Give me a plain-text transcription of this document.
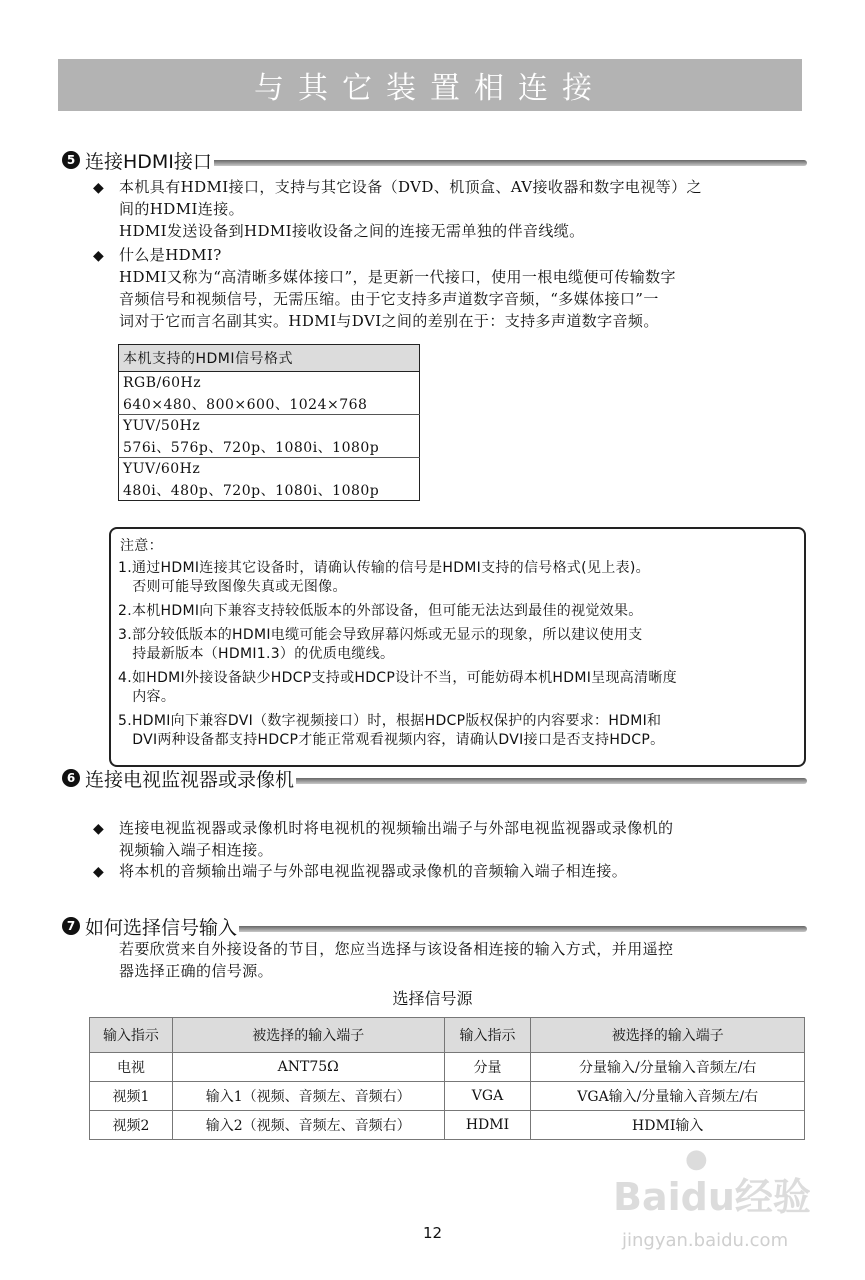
与其它装置相连接
5 连接HDMI接口
◆ 本机具有HDMI接口，支持与其它设备（DVD、机顶盒、AV接收器和数字电视等）之
间的HDMI连接。
HDMI发送设备到HDMI接收设备之间的连接无需单独的伴音线缆。
◆ 什么是HDMI?
HDMI又称为“高清晰多媒体接口”，是更新一代接口，使用一根电缆便可传输数字
音频信号和视频信号，无需压缩。由于它支持多声道数字音频，“多媒体接口”一
词对于它而言名副其实。HDMI与DVI之间的差别在于：支持多声道数字音频。
本机支持的HDMI信号格式
RGB/60Hz
640×480、800×600、1024×768
YUV/50Hz
576i、576p、720p、1080i、1080p
YUV/60Hz
480i、480p、720p、1080i、1080p
注意：
1.通过HDMI连接其它设备时，请确认传输的信号是HDMI支持的信号格式(见上表)。
否则可能导致图像失真或无图像。
2.本机HDMI向下兼容支持较低版本的外部设备，但可能无法达到最佳的视觉效果。
3.部分较低版本的HDMI电缆可能会导致屏幕闪烁或无显示的现象，所以建议使用支
持最新版本（HDMI1.3）的优质电缆线。
4.如HDMI外接设备缺少HDCP支持或HDCP设计不当，可能妨碍本机HDMI呈现高清晰度
内容。
5.HDMI向下兼容DVI（数字视频接口）时，根据HDCP版权保护的内容要求：HDMI和
DVI两种设备都支持HDCP才能正常观看视频内容，请确认DVI接口是否支持HDCP。
6 连接电视监视器或录像机
◆ 连接电视监视器或录像机时将电视机的视频输出端子与外部电视监视器或录像机的
视频输入端子相连接。
◆ 将本机的音频输出端子与外部电视监视器或录像机的音频输入端子相连接。
7 如何选择信号输入
若要欣赏来自外接设备的节目，您应当选择与该设备相连接的输入方式，并用遥控
器选择正确的信号源。
选择信号源
输入指示	被选择的输入端子	输入指示	被选择的输入端子
电视	ANT75Ω	分量	分量输入/分量输入音频左/右
视频1	输入1（视频、音频左、音频右）	VGA	VGA输入/分量输入音频左/右
视频2	输入2（视频、音频左、音频右）	HDMI	HDMI输入
●
Baidu经验
jingyan.baidu.com
12
